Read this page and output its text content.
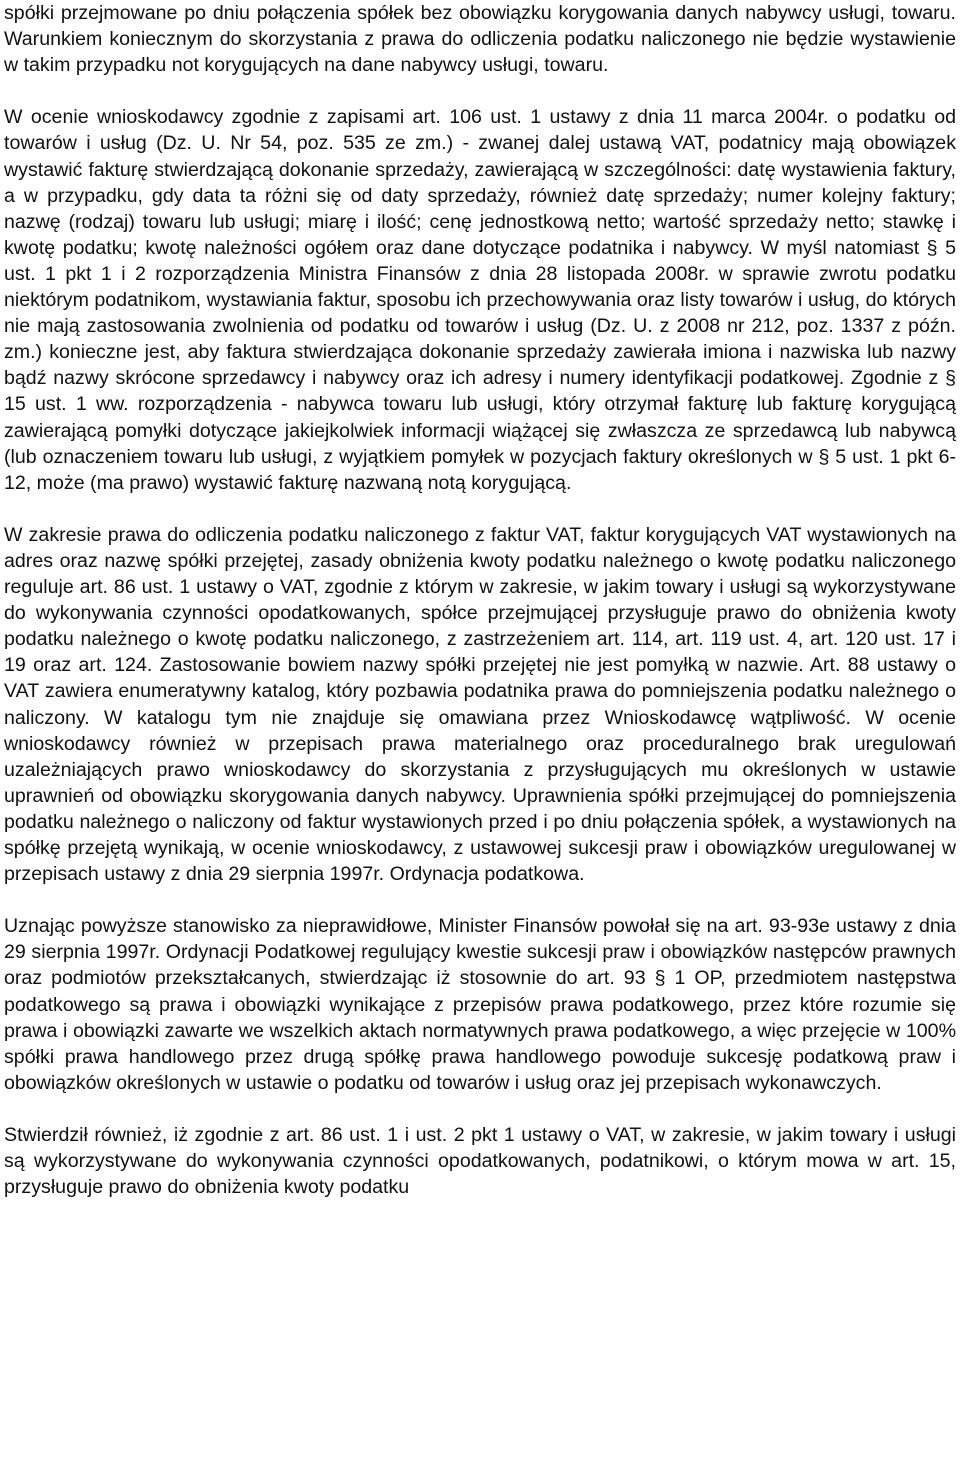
spółki przejmowane po dniu połączenia spółek bez obowiązku korygowania danych nabywcy usługi, towaru. Warunkiem koniecznym do skorzystania z prawa do odliczenia podatku naliczonego nie będzie wystawienie w takim przypadku not korygujących na dane nabywcy usługi, towaru.

W ocenie wnioskodawcy zgodnie z zapisami art. 106 ust. 1 ustawy z dnia 11 marca 2004r. o podatku od towarów i usług (Dz. U. Nr 54, poz. 535 ze zm.) - zwanej dalej ustawą VAT, podatnicy mają obowiązek wystawić fakturę stwierdzającą dokonanie sprzedaży, zawierającą w szczególności: datę wystawienia faktury, a w przypadku, gdy data ta różni się od daty sprzedaży, również datę sprzedaży; numer kolejny faktury; nazwę (rodzaj) towaru lub usługi; miarę i ilość; cenę jednostkową netto; wartość sprzedaży netto; stawkę i kwotę podatku; kwotę należności ogółem oraz dane dotyczące podatnika i nabywcy. W myśl natomiast § 5 ust. 1 pkt 1 i 2 rozporządzenia Ministra Finansów z dnia 28 listopada 2008r. w sprawie zwrotu podatku niektórym podatnikom, wystawiania faktur, sposobu ich przechowywania oraz listy towarów i usług, do których nie mają zastosowania zwolnienia od podatku od towarów i usług (Dz. U. z 2008 nr 212, poz. 1337 z późn. zm.) konieczne jest, aby faktura stwierdzająca dokonanie sprzedaży zawierała imiona i nazwiska lub nazwy bądź nazwy skrócone sprzedawcy i nabywcy oraz ich adresy i numery identyfikacji podatkowej. Zgodnie z § 15 ust. 1 ww. rozporządzenia - nabywca towaru lub usługi, który otrzymał fakturę lub fakturę korygującą zawierającą pomyłki dotyczące jakiejkolwiek informacji wiążącej się zwłaszcza ze sprzedawcą lub nabywcą (lub oznaczeniem towaru lub usługi, z wyjątkiem pomyłek w pozycjach faktury określonych w § 5 ust. 1 pkt 6-12, może (ma prawo) wystawić fakturę nazwaną notą korygującą.

W zakresie prawa do odliczenia podatku naliczonego z faktur VAT, faktur korygujących VAT wystawionych na adres oraz nazwę spółki przejętej, zasady obniżenia kwoty podatku należnego o kwotę podatku naliczonego reguluje art. 86 ust. 1 ustawy o VAT, zgodnie z którym w zakresie, w jakim towary i usługi są wykorzystywane do wykonywania czynności opodatkowanych, spółce przejmującej przysługuje prawo do obniżenia kwoty podatku należnego o kwotę podatku naliczonego, z zastrzeżeniem art. 114, art. 119 ust. 4, art. 120 ust. 17 i 19 oraz art. 124. Zastosowanie bowiem nazwy spółki przejętej nie jest pomyłką w nazwie. Art. 88 ustawy o VAT zawiera enumeratywny katalog, który pozbawia podatnika prawa do pomniejszenia podatku należnego o naliczony. W katalogu tym nie znajduje się omawiana przez Wnioskodawcę wątpliwość. W ocenie wnioskodawcy również w przepisach prawa materialnego oraz proceduralnego brak uregulowań uzależniających prawo wnioskodawcy do skorzystania z przysługujących mu określonych w ustawie uprawnień od obowiązku skorygowania danych nabywcy. Uprawnienia spółki przejmującej do pomniejszenia podatku należnego o naliczony od faktur wystawionych przed i po dniu połączenia spółek, a wystawionych na spółkę przejętą wynikają, w ocenie wnioskodawcy, z ustawowej sukcesji praw i obowiązków uregulowanej w przepisach ustawy z dnia 29 sierpnia 1997r. Ordynacja podatkowa.

Uznając powyższe stanowisko za nieprawidłowe, Minister Finansów powołał się na art. 93-93e ustawy z dnia 29 sierpnia 1997r. Ordynacji Podatkowej regulujący kwestie sukcesji praw i obowiązków następców prawnych oraz podmiotów przekształcanych, stwierdzając iż stosownie do art. 93 § 1 OP, przedmiotem następstwa podatkowego są prawa i obowiązki wynikające z przepisów prawa podatkowego, przez które rozumie się prawa i obowiązki zawarte we wszelkich aktach normatywnych prawa podatkowego, a więc przejęcie w 100% spółki prawa handlowego przez drugą spółkę prawa handlowego powoduje sukcesję podatkową praw i obowiązków określonych w ustawie o podatku od towarów i usług oraz jej przepisach wykonawczych.

Stwierdził również, iż zgodnie z art. 86 ust. 1 i ust. 2 pkt 1 ustawy o VAT, w zakresie, w jakim towary i usługi są wykorzystywane do wykonywania czynności opodatkowanych, podatnikowi, o którym mowa w art. 15, przysługuje prawo do obniżenia kwoty podatku
